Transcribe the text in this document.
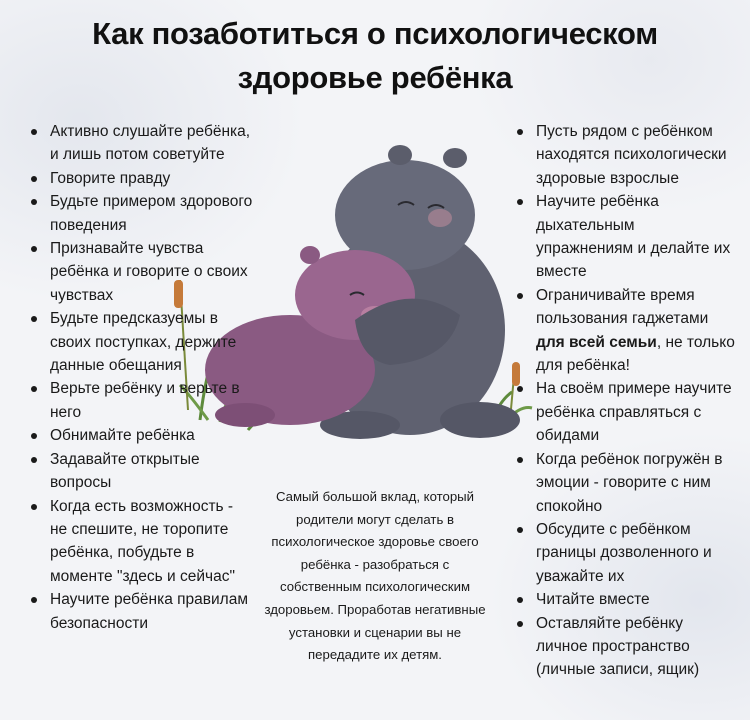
Как позаботиться о психологическом
здоровье ребёнка
Активно слушайте ребёнка, и лишь потом советуйте
Говорите правду
Будьте примером здорового поведения
Признавайте чувства ребёнка и говорите о своих чувствах
Будьте предсказуемы в своих поступках, держите данные обещания
Верьте ребёнку и верьте в него
Обнимайте ребёнка
Задавайте открытые вопросы
Когда есть возможность - не спешите, не торопите ребёнка, побудьте в моменте "здесь и сейчас"
Научите ребёнка правилам безопасности
Пусть рядом с ребёнком находятся психологически здоровые взрослые
Научите ребёнка дыхательным упражнениям и делайте их вместе
Ограничивайте время пользования гаджетами для всей семьи, не только для ребёнка!
На своём примере научите ребёнка справляться с обидами
Когда ребёнок погружён в эмоции - говорите с ним спокойно
Обсудите с ребёнком границы дозволенного и уважайте их
Читайте вместе
Оставляйте ребёнку личное пространство (личные записи, ящик)
Самый большой вклад, который родители могут сделать в психологическое здоровье своего ребёнка - разобраться с собственным психологическим здоровьем. Проработав негативные установки и сценарии вы не передадите их детям.
